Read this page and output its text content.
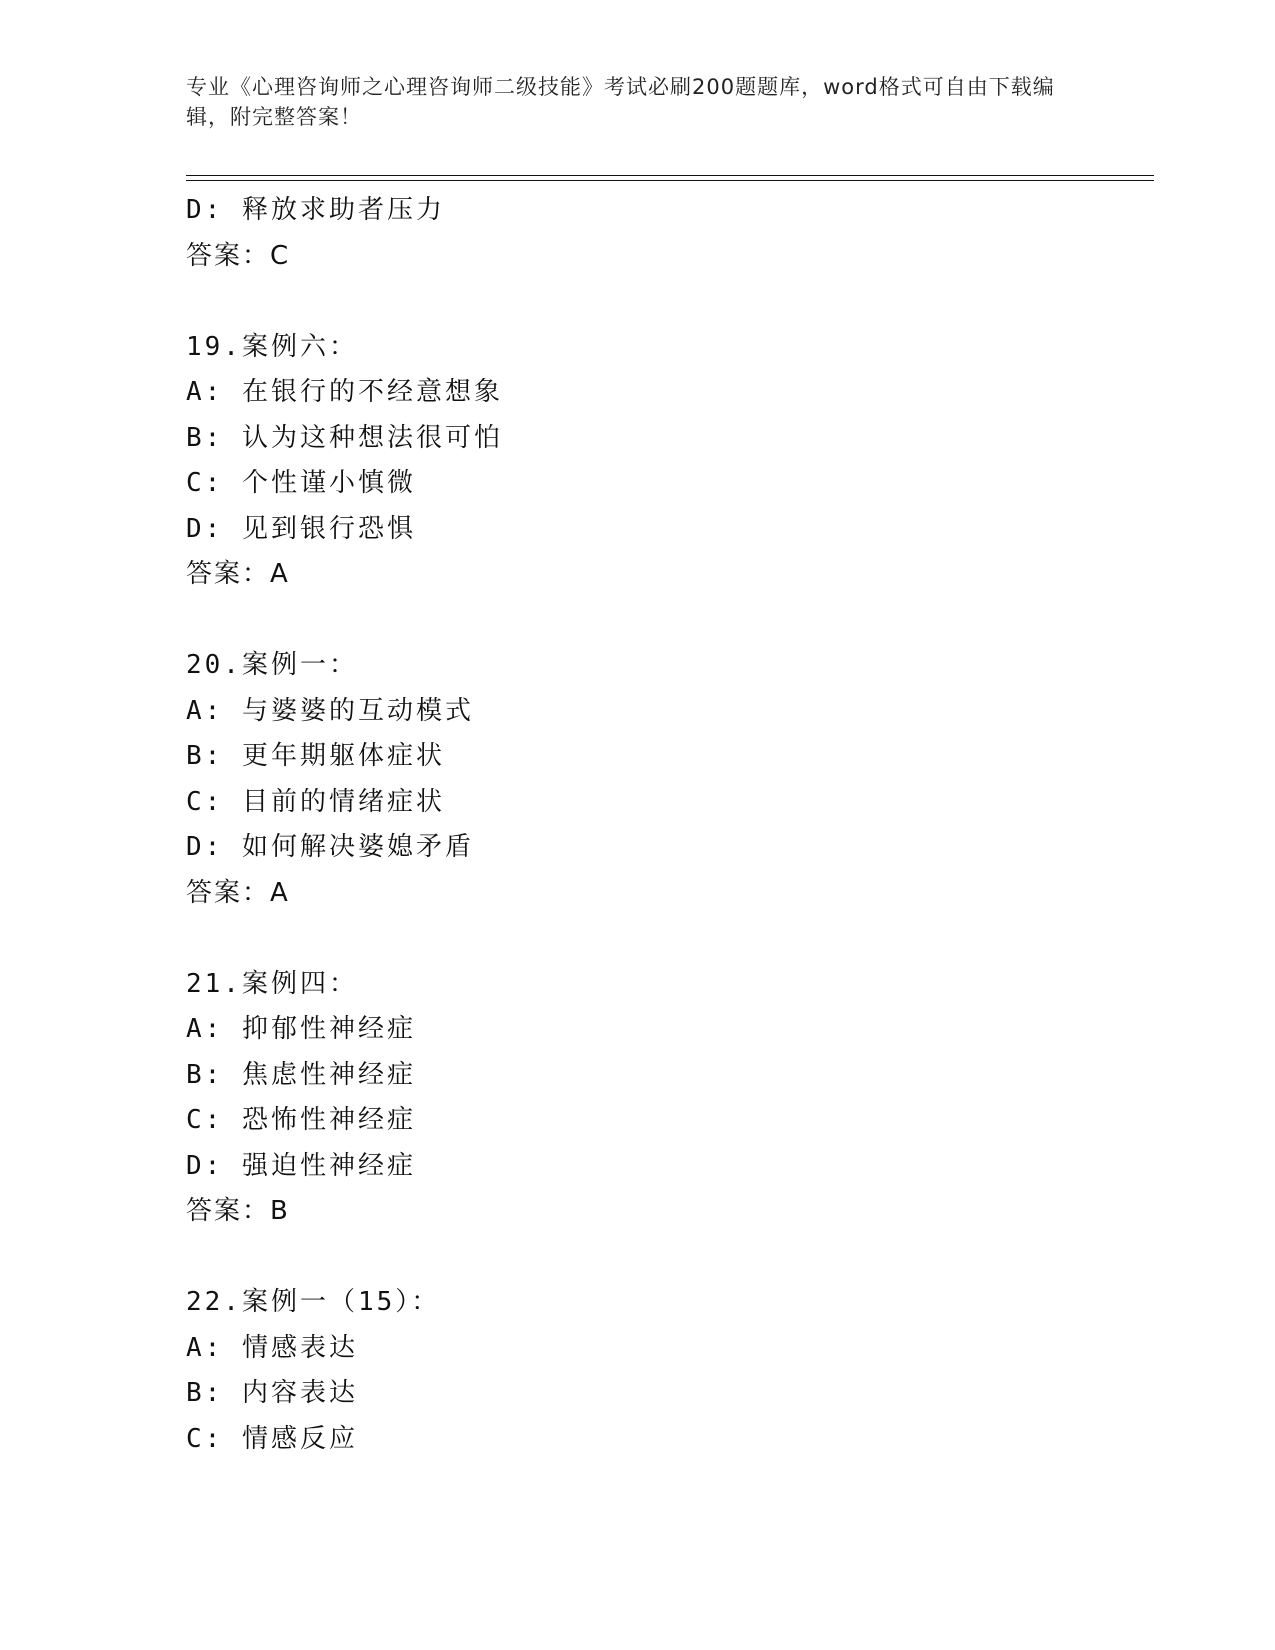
专业《心理咨询师之心理咨询师二级技能》考试必刷200题题库，word格式可自由下载编辑，附完整答案！
D: 释放求助者压力
答案：C
19.案例六：
A: 在银行的不经意想象
B: 认为这种想法很可怕
C: 个性谨小慎微
D: 见到银行恐惧
答案：A
20.案例一：
A: 与婆婆的互动模式
B: 更年期躯体症状
C: 目前的情绪症状
D: 如何解决婆媳矛盾
答案：A
21.案例四：
A: 抑郁性神经症
B: 焦虑性神经症
C: 恐怖性神经症
D: 强迫性神经症
答案：B
22.案例一（15）：
A: 情感表达
B: 内容表达
C: 情感反应
